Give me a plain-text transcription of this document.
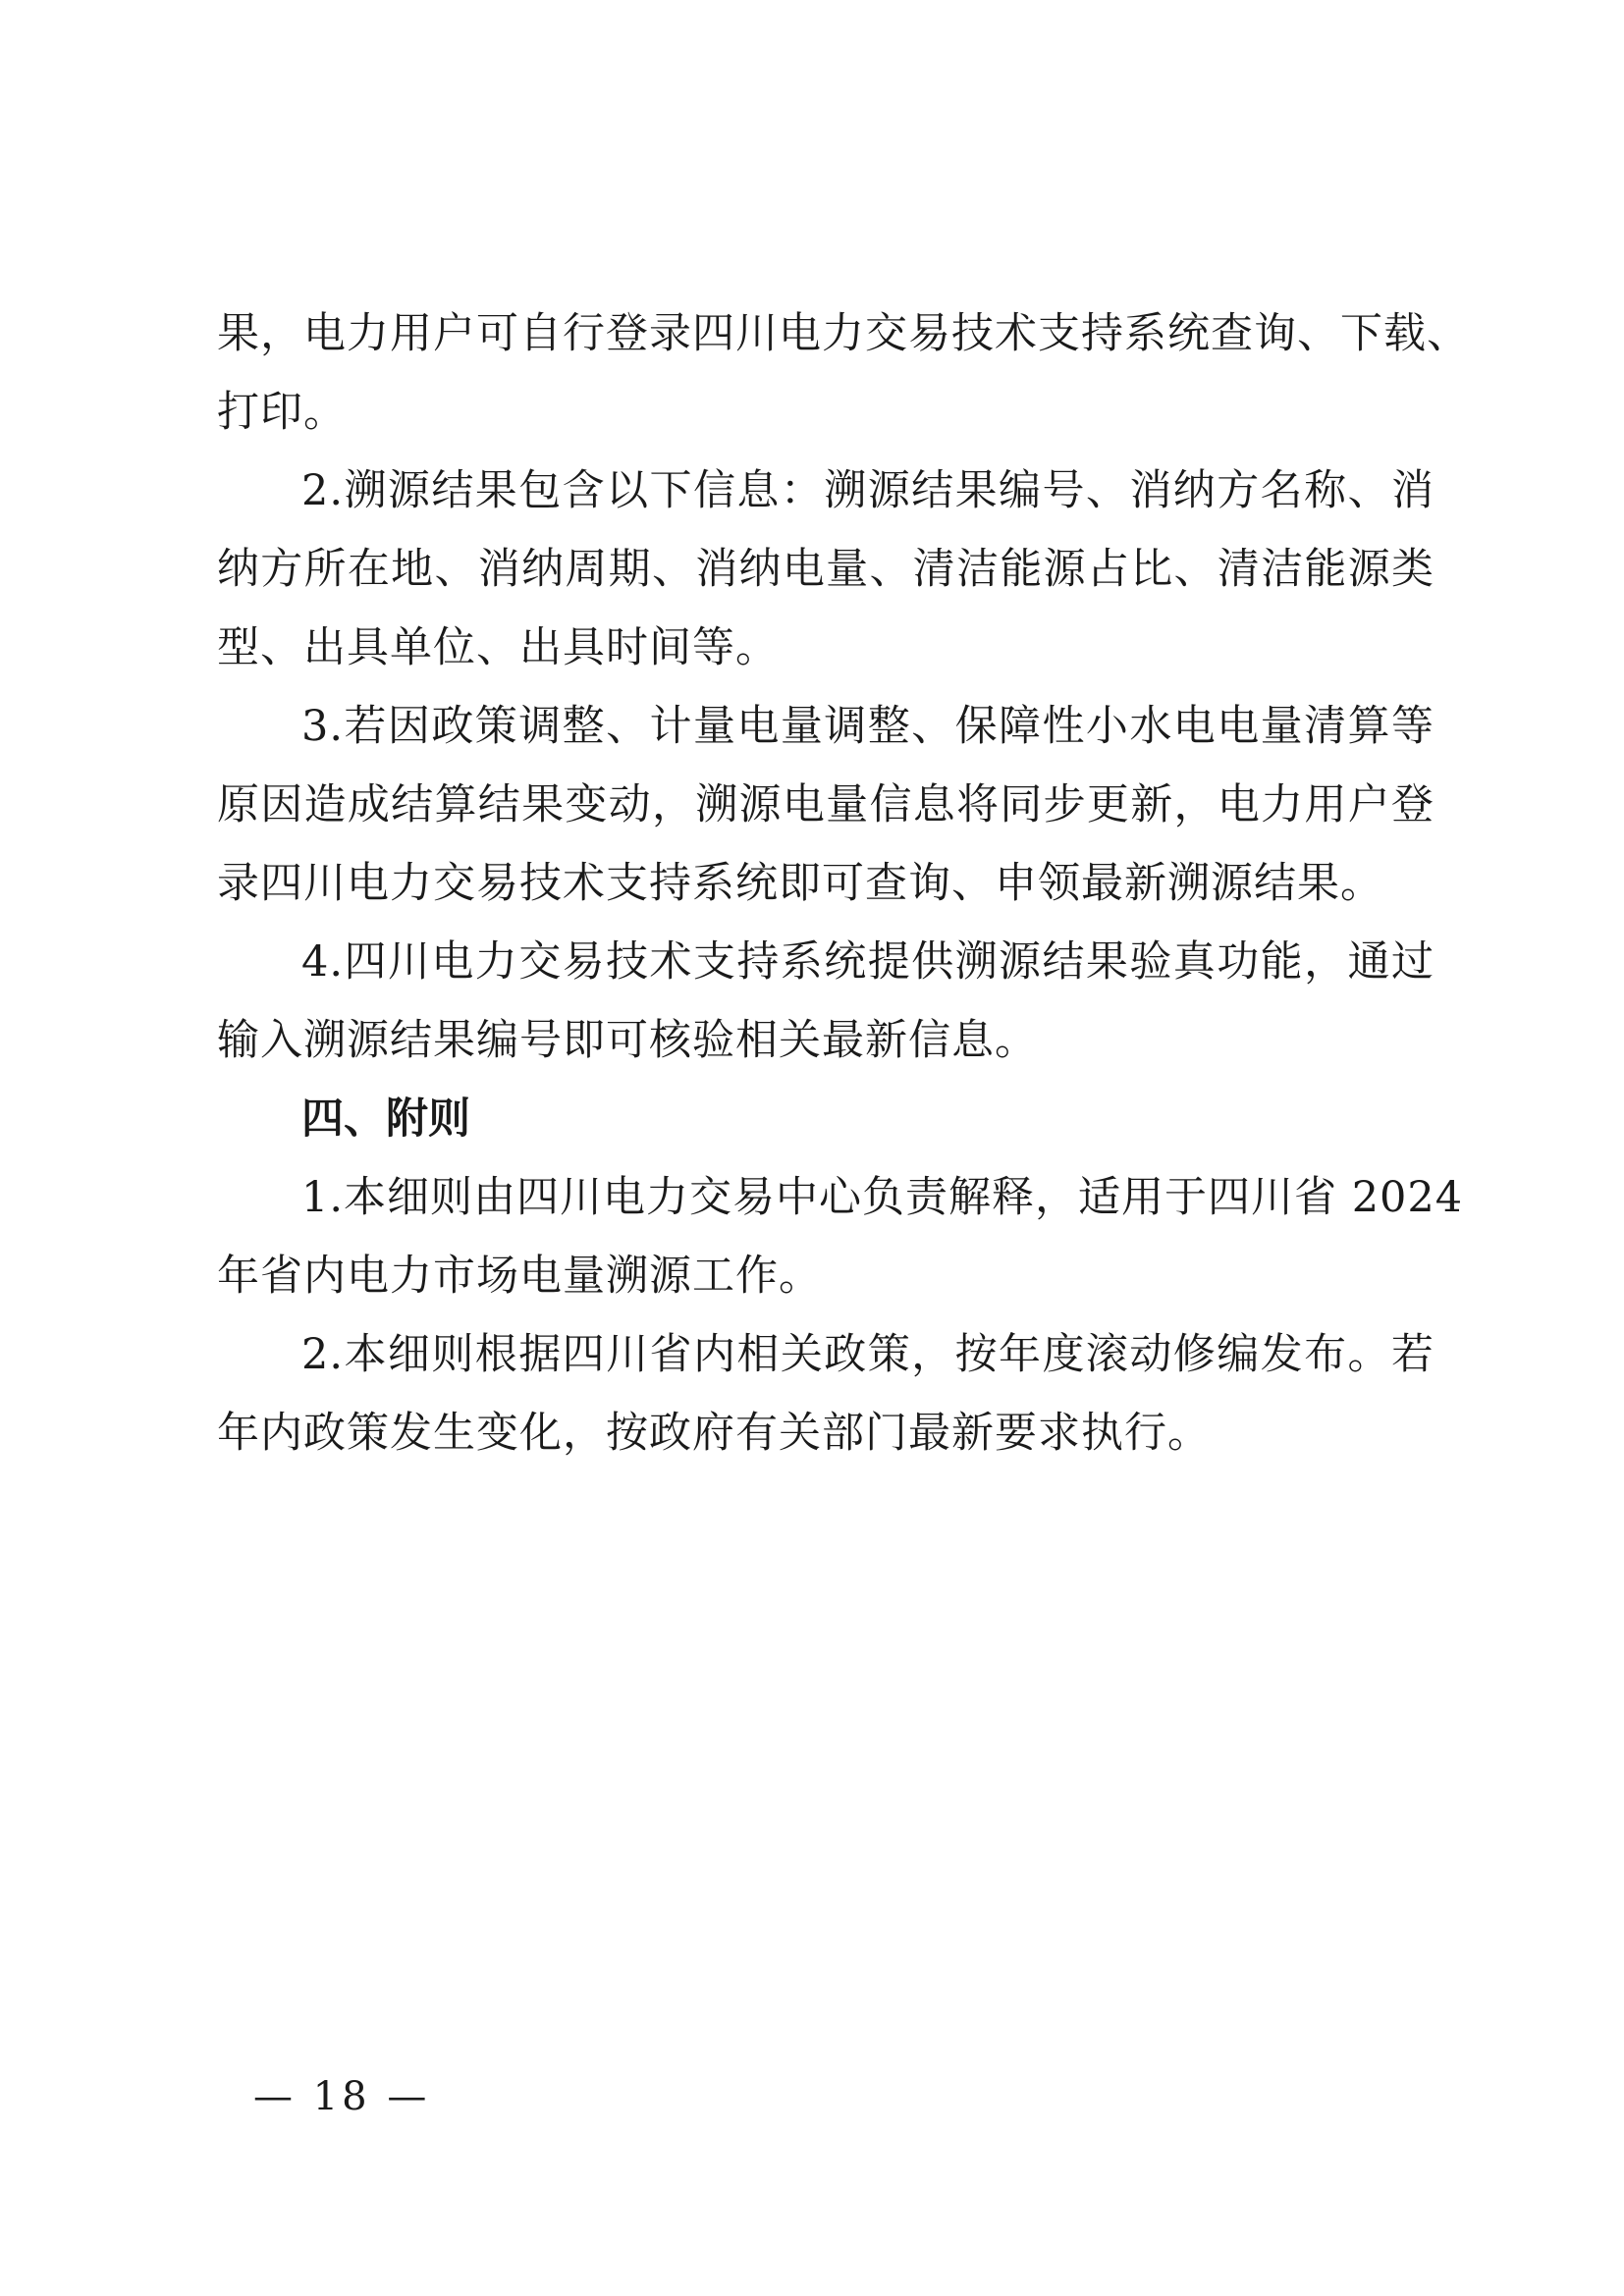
果，电力用户可自行登录四川电力交易技术支持系统查询、下载、
打印。
2.溯源结果包含以下信息：溯源结果编号、消纳方名称、消
纳方所在地、消纳周期、消纳电量、清洁能源占比、清洁能源类
型、出具单位、出具时间等。
3.若因政策调整、计量电量调整、保障性小水电电量清算等
原因造成结算结果变动，溯源电量信息将同步更新，电力用户登
录四川电力交易技术支持系统即可查询、申领最新溯源结果。
4.四川电力交易技术支持系统提供溯源结果验真功能，通过
输入溯源结果编号即可核验相关最新信息。
四、附则
1.本细则由四川电力交易中心负责解释，适用于四川省 2024
年省内电力市场电量溯源工作。
2.本细则根据四川省内相关政策，按年度滚动修编发布。若
年内政策发生变化，按政府有关部门最新要求执行。
— 18 —
